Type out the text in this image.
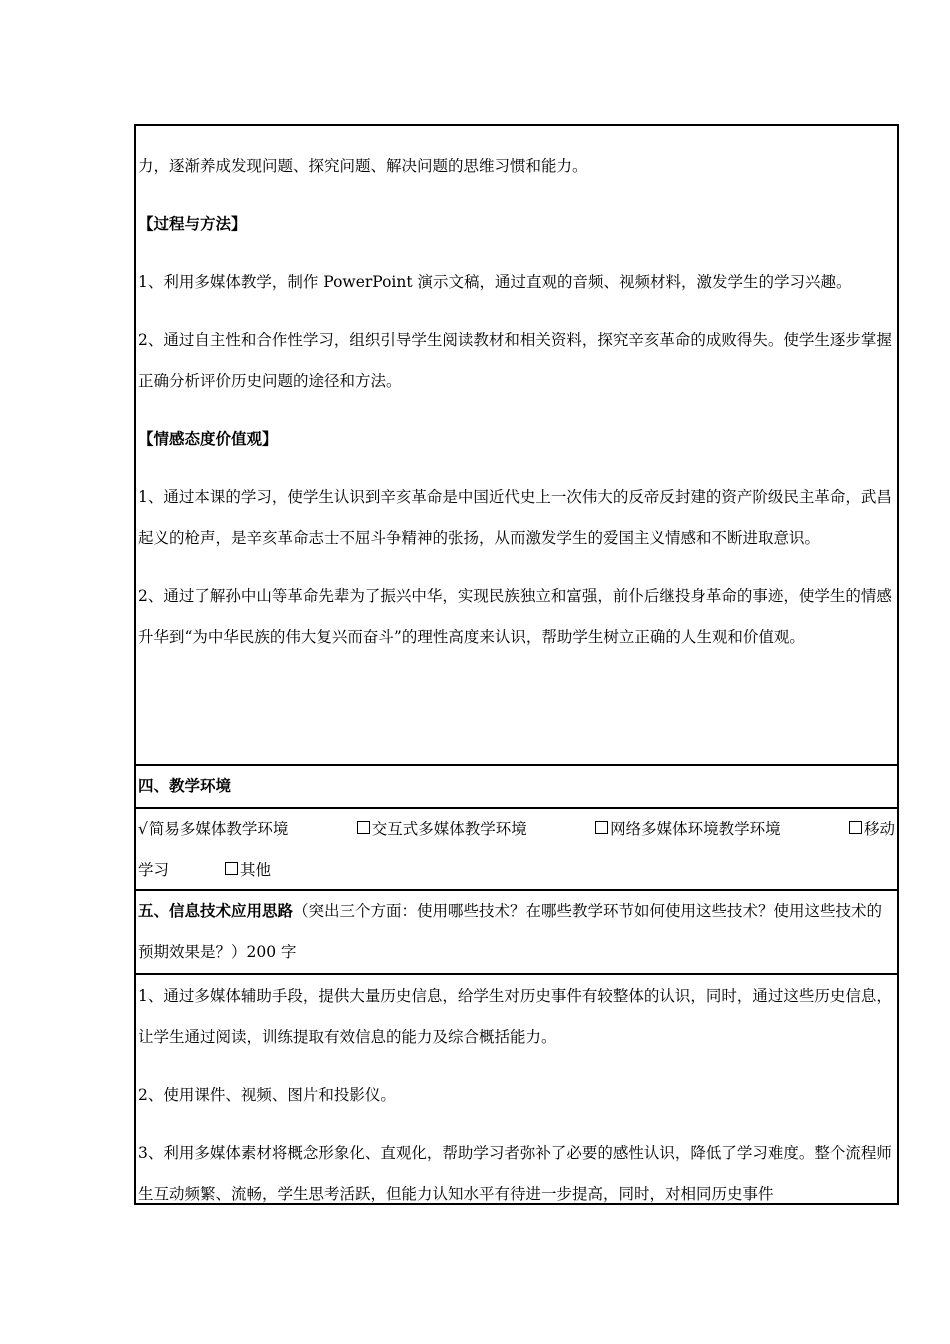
力，逐渐养成发现问题、探究问题、解决问题的思维习惯和能力。

【过程与方法】

1、利用多媒体教学，制作 PowerPoint 演示文稿，通过直观的音频、视频材料，激发学生的学习兴趣。

2、通过自主性和合作性学习，组织引导学生阅读教材和相关资料，探究辛亥革命的成败得失。使学生逐步掌握正确分析评价历史问题的途径和方法。

【情感态度价值观】

1、通过本课的学习，使学生认识到辛亥革命是中国近代史上一次伟大的反帝反封建的资产阶级民主革命，武昌起义的枪声，是辛亥革命志士不屈斗争精神的张扬，从而激发学生的爱国主义情感和不断进取意识。

2、通过了解孙中山等革命先辈为了振兴中华，实现民族独立和富强，前仆后继投身革命的事迹，使学生的情感升华到“为中华民族的伟大复兴而奋斗”的理性高度来认识，帮助学生树立正确的人生观和价值观。

四、教学环境

√简易多媒体教学环境	交互式多媒体教学环境	网络多媒体环境教学环境	移动
学习	其他

五、信息技术应用思路（突出三个方面：使用哪些技术？在哪些教学环节如何使用这些技术？使用这些技术的预期效果是？）200 字

1、通过多媒体辅助手段，提供大量历史信息，给学生对历史事件有较整体的认识，同时，通过这些历史信息，让学生通过阅读，训练提取有效信息的能力及综合概括能力。

2、使用课件、视频、图片和投影仪。

3、利用多媒体素材将概念形象化、直观化，帮助学习者弥补了必要的感性认识，降低了学习难度。整个流程师生互动频繁、流畅，学生思考活跃，但能力认知水平有待进一步提高，同时，对相同历史事件
